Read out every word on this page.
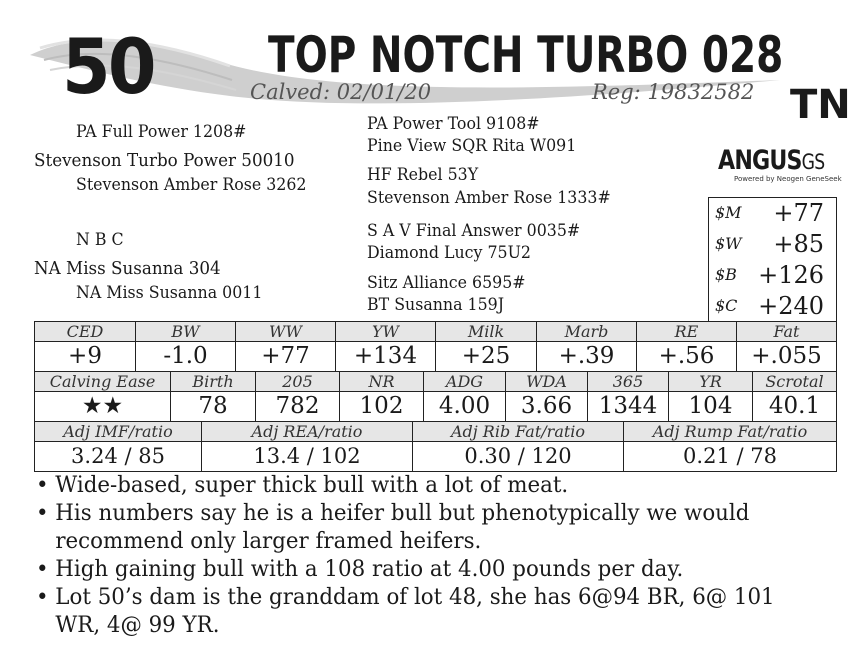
50 TOP NOTCH TURBO 028
Calved: 02/01/20	Reg: 19832582 TN
PA Full Power 1208#
Stevenson Turbo Power 50010
Stevenson Amber Rose 3262
N B C
NA Miss Susanna 304
NA Miss Susanna 0011
PA Power Tool 9108#
Pine View SQR Rita W091
HF Rebel 53Y
Stevenson Amber Rose 1333#
S A V Final Answer 0035#
Diamond Lucy 75U2
Sitz Alliance 6595#
BT Susanna 159J
ANGUSGS
Powered by Neogen GeneSeek
$M +77
$W +85
$B +126
$C +240
CED	BW	WW	YW	Milk	Marb	RE	Fat
+9	-1.0	+77	+134	+25	+.39	+.56	+.055
Calving Ease	Birth	205	NR	ADG	WDA	365	YR	Scrotal
★★	78	782	102	4.00	3.66	1344	104	40.1
Adj IMF/ratio	Adj REA/ratio	Adj Rib Fat/ratio	Adj Rump Fat/ratio
3.24 / 85	13.4 / 102	0.30 / 120	0.21 / 78
• Wide-based, super thick bull with a lot of meat.
• His numbers say he is a heifer bull but phenotypically we would recommend only larger framed heifers.
• High gaining bull with a 108 ratio at 4.00 pounds per day.
• Lot 50’s dam is the granddam of lot 48, she has 6@94 BR, 6@ 101 WR, 4@ 99 YR.
